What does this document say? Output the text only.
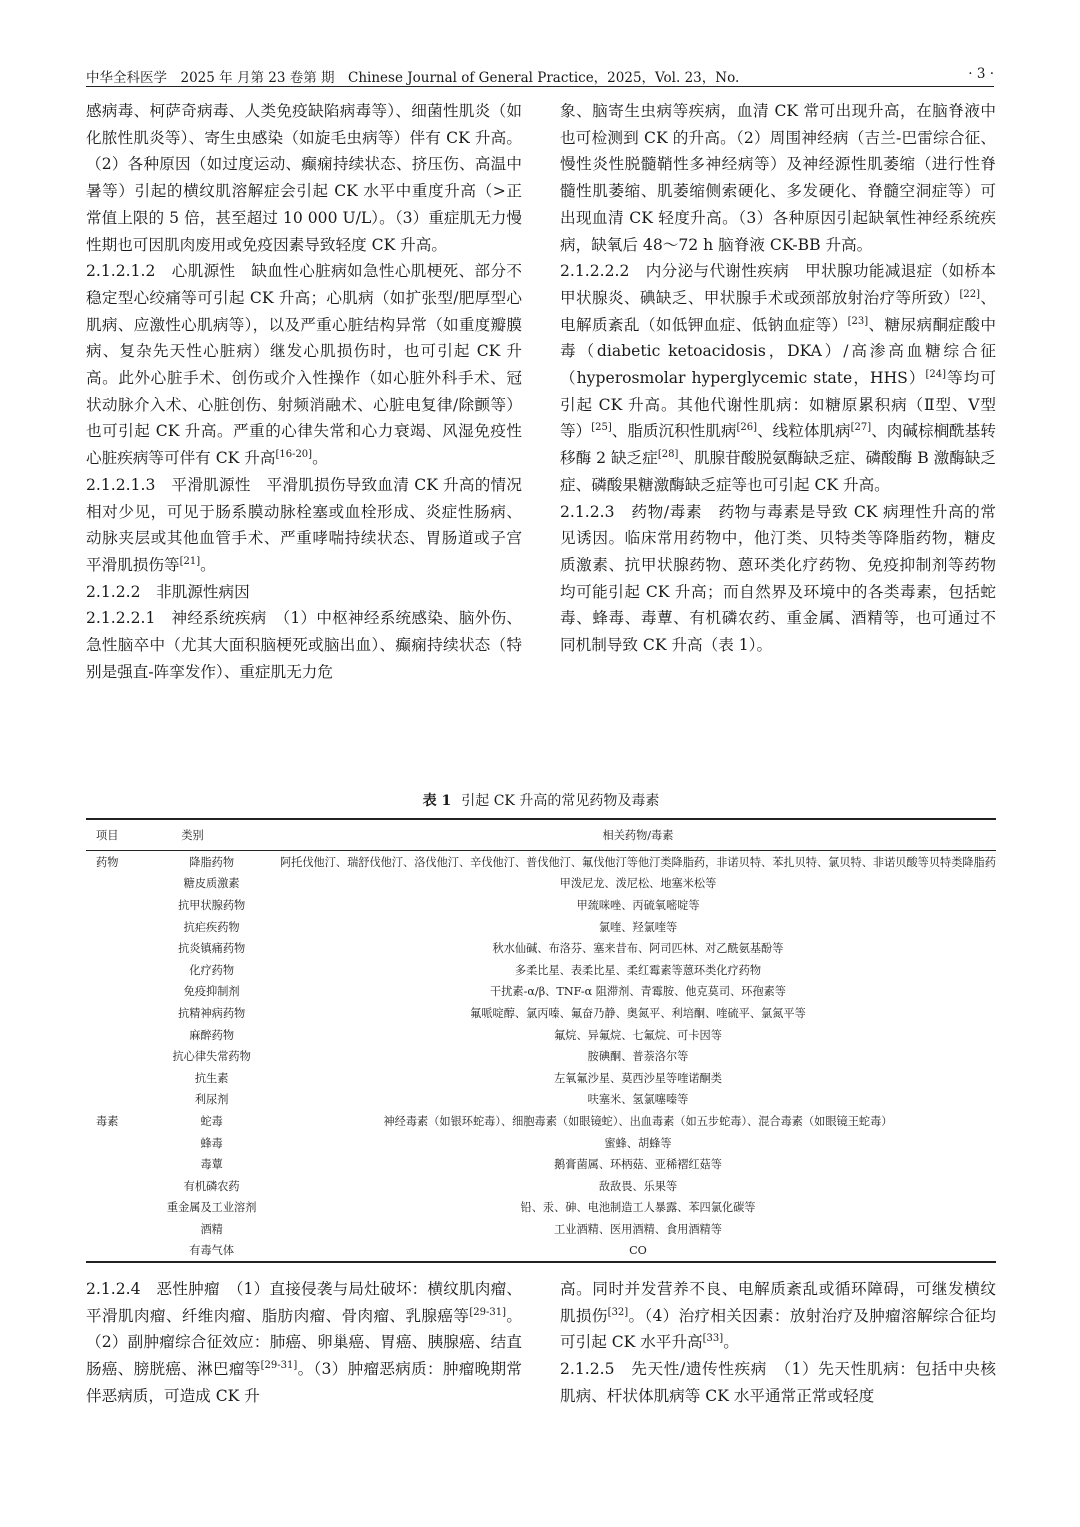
中华全科医学　2025 年 月第 23 卷第 期　Chinese Journal of General Practice，2025，Vol. 23，No.	· 3 ·

感病毒、柯萨奇病毒、人类免疫缺陷病毒等）、细菌性肌炎（如化脓性肌炎等）、寄生虫感染（如旋毛虫病等）伴有 CK 升高。（2）各种原因（如过度运动、癫痫持续状态、挤压伤、高温中暑等）引起的横纹肌溶解症会引起 CK 水平中重度升高（>正常值上限的 5 倍，甚至超过 10 000 U/L）。（3）重症肌无力慢性期也可因肌肉废用或免疫因素导致轻度 CK 升高。

2.1.2.1.2　心肌源性　缺血性心脏病如急性心肌梗死、部分不稳定型心绞痛等可引起 CK 升高；心肌病（如扩张型/肥厚型心肌病、应激性心肌病等），以及严重心脏结构异常（如重度瓣膜病、复杂先天性心脏病）继发心肌损伤时，也可引起 CK 升高。此外心脏手术、创伤或介入性操作（如心脏外科手术、冠状动脉介入术、心脏创伤、射频消融术、心脏电复律/除颤等）也可引起 CK 升高。严重的心律失常和心力衰竭、风湿免疫性心脏疾病等可伴有 CK 升高[16-20]。

2.1.2.1.3　平滑肌源性　平滑肌损伤导致血清 CK 升高的情况相对少见，可见于肠系膜动脉栓塞或血栓形成、炎症性肠病、动脉夹层或其他血管手术、严重哮喘持续状态、胃肠道或子宫平滑肌损伤等[21]。

2.1.2.2　非肌源性病因

2.1.2.2.1　神经系统疾病　（1）中枢神经系统感染、脑外伤、急性脑卒中（尤其大面积脑梗死或脑出血）、癫痫持续状态（特别是强直-阵挛发作）、重症肌无力危

象、脑寄生虫病等疾病，血清 CK 常可出现升高，在脑脊液中也可检测到 CK 的升高。（2）周围神经病（吉兰-巴雷综合征、慢性炎性脱髓鞘性多神经病等）及神经源性肌萎缩（进行性脊髓性肌萎缩、肌萎缩侧索硬化、多发硬化、脊髓空洞症等）可出现血清 CK 轻度升高。（3）各种原因引起缺氧性神经系统疾病，缺氧后 48～72 h 脑脊液 CK-BB 升高。

2.1.2.2.2　内分泌与代谢性疾病　甲状腺功能减退症（如桥本甲状腺炎、碘缺乏、甲状腺手术或颈部放射治疗等所致）[22]、电解质紊乱（如低钾血症、低钠血症等）[23]、糖尿病酮症酸中毒（diabetic ketoacidosis，DKA）/高渗高血糖综合征（hyperosmolar hyperglycemic state，HHS）[24]等均可引起 CK 升高。其他代谢性肌病：如糖原累积病（Ⅱ型、Ⅴ型等）[25]、脂质沉积性肌病[26]、线粒体肌病[27]、肉碱棕榈酰基转移酶 2 缺乏症[28]、肌腺苷酸脱氨酶缺乏症、磷酸酶 B 激酶缺乏症、磷酸果糖激酶缺乏症等也可引起 CK 升高。

2.1.2.3　药物/毒素　药物与毒素是导致 CK 病理性升高的常见诱因。临床常用药物中，他汀类、贝特类等降脂药物，糖皮质激素、抗甲状腺药物、蒽环类化疗药物、免疫抑制剂等药物均可能引起 CK 升高；而自然界及环境中的各类毒素，包括蛇毒、蜂毒、毒蕈、有机磷农药、重金属、酒精等，也可通过不同机制导致 CK 升高（表 1）。

表 1 引起 CK 升高的常见药物及毒素
项目	类别	相关药物/毒素
药物	降脂药物	阿托伐他汀、瑞舒伐他汀、洛伐他汀、辛伐他汀、普伐他汀、氟伐他汀等他汀类降脂药，非诺贝特、苯扎贝特、氯贝特、非诺贝酸等贝特类降脂药
	糖皮质激素	甲泼尼龙、泼尼松、地塞米松等
	抗甲状腺药物	甲巯咪唑、丙硫氧嘧啶等
	抗疟疾药物	氯喹、羟氯喹等
	抗炎镇痛药物	秋水仙碱、布洛芬、塞来昔布、阿司匹林、对乙酰氨基酚等
	化疗药物	多柔比星、表柔比星、柔红霉素等蒽环类化疗药物
	免疫抑制剂	干扰素-α/β、TNF-α 阻滞剂、青霉胺、他克莫司、环孢素等
	抗精神病药物	氟哌啶醇、氯丙嗪、氟奋乃静、奥氮平、利培酮、喹硫平、氯氮平等
	麻醉药物	氟烷、异氟烷、七氟烷、可卡因等
	抗心律失常药物	胺碘酮、普萘洛尔等
	抗生素	左氧氟沙星、莫西沙星等喹诺酮类
	利尿剂	呋塞米、氢氯噻嗪等
毒素	蛇毒	神经毒素（如银环蛇毒）、细胞毒素（如眼镜蛇）、出血毒素（如五步蛇毒）、混合毒素（如眼镜王蛇毒）
	蜂毒	蜜蜂、胡蜂等
	毒蕈	鹅膏菌属、环柄菇、亚稀褶红菇等
	有机磷农药	敌敌畏、乐果等
	重金属及工业溶剂	铅、汞、砷、电池制造工人暴露、苯四氯化碳等
	酒精	工业酒精、医用酒精、食用酒精等
	有毒气体	CO

2.1.2.4　恶性肿瘤　（1）直接侵袭与局灶破坏：横纹肌肉瘤、平滑肌肉瘤、纤维肉瘤、脂肪肉瘤、骨肉瘤、乳腺癌等[29-31]。（2）副肿瘤综合征效应：肺癌、卵巢癌、胃癌、胰腺癌、结直肠癌、膀胱癌、淋巴瘤等[29-31]。（3）肿瘤恶病质：肿瘤晚期常伴恶病质，可造成 CK 升

高。同时并发营养不良、电解质紊乱或循环障碍，可继发横纹肌损伤[32]。（4）治疗相关因素：放射治疗及肿瘤溶解综合征均可引起 CK 水平升高[33]。

2.1.2.5　先天性/遗传性疾病　（1）先天性肌病：包括中央核肌病、杆状体肌病等 CK 水平通常正常或轻度
